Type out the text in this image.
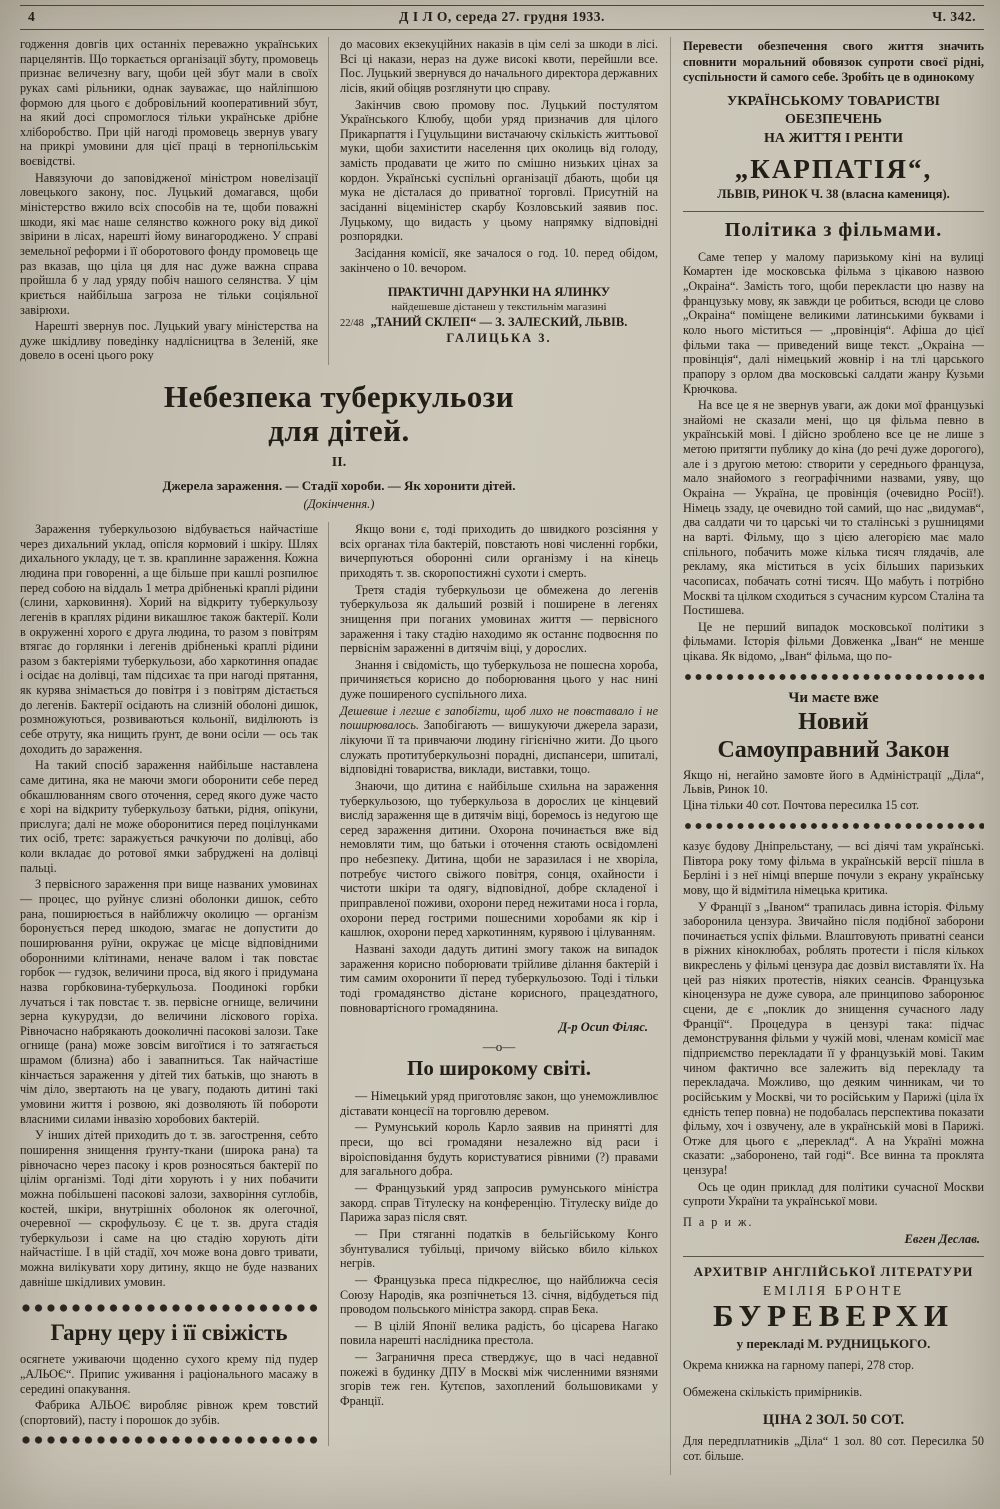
4	Д І Л О, середа 27. грудня 1933.	Ч. 342.

годження довгів цих останніх переважно українських парцелянтів. Що торкається організації збуту, промовець признає величезну вагу, щоби цей збут мали в своїх руках самі рільники, однак зауважає, що найліпшою формою для цього є добровільний кооперативний збут, на який досі спромоглося тільки українське дрібне хліборобство. При цій нагоді промовець звернув увагу на прикрі умовини для цієї праці в тернопільськім воєвідстві.

Навязуючи до заповідженої міністром новелізації ловецького закону, пос. Луцький домагався, щоби міністерство вжило всіх способів на те, щоби поважні шкоди, які має наше селянство кожного року від дикої звірини в лісах, нарешті йому винагороджено. У справі земельної реформи і її оборотового фонду промовець ще раз вказав, що ціла ця для нас дуже важна справа пройшла б у лад уряду побіч нашого селянства. У цім криється найбільша загроза не тільки соціяльної завірюхи.

Нарешті звернув пос. Луцький увагу міністерства на дуже шкідливу поведінку надлісництва в Зеленій, яке довело в осені цього року

до масових екзекуційних наказів в цім селі за шкоди в лісі. Всі ці накази, нераз на дуже високі квоти, перейшли все. Пос. Луцький звернувся до начального директора державних лісів, який обіцяв розглянути цю справу.

Закінчив свою промову пос. Луцький постулятом Українського Клюбу, щоби уряд призначив для цілого Прикарпаття і Гуцульщини вистачаючу скількість життьової муки, щоби захистити населення цих околиць від голоду, замість продавати це жито по смішно низьких цінах за кордон. Українські суспільні організації дбають, щоби ця мука не дісталася до приватної торговлі. Присутній на засіданні віцеміністер скарбу Козловський заявив пос. Луцькому, що видасть у цьому напрямку відповідні розпорядки.

Засідання комісії, яке зачалося о год. 10. перед обідом, закінчено о 10. вечором.

ПРАКТИЧНІ ДАРУНКИ НА ЯЛИНКУ
найдешевше дістанеш у текстильнім магазині
22/48 „ТАНИЙ СКЛЕП“ — З. ЗАЛЕСКИЙ, ЛЬВІВ.
ГАЛИЦЬКА 3.
Небезпека туберкульози
для дітей.
ІІ.
Джерела зараження. — Стадії хороби. — Як хоронити дітей.
(Докінчення.)

Зараження туберкульозою відбувається найчастіше через дихальний уклад, опісля кормовий і шкіру. Шлях дихального укладу, це т. зв. краплинне зараження. Кожна людина при говоренні, а ще більше при кашлі розпилює перед собою на віддаль 1 метра дрібненькі краплі рідини (слини, харковиння). Хорий на відкриту туберкульозу легенів в краплях рідини викашлює також бактерії. Коли в окруженні хорого є друга людина, то разом з повітрям втягає до горлянки і легенів дрібненькі краплі рідини разом з бактеріями туберкульози, або харкотиння опадає і осідає на долівці, там підсихає та при нагоді прятання, як курява знімається до повітря і з повітрям дістається до легенів. Бактерії осідають на слизній оболоні дишок, розмножуються, розвиваються кольонії, виділюють із себе отруту, яка нищить ґрунт, де вони осіли — ось так доходить до зараження.

На такий спосіб зараження найбільше наставлена саме дитина, яка не маючи змоги оборонити себе перед обкашлюванням свого оточення, серед якого дуже часто є хорі на відкриту туберкульозу батьки, рідня, опікуни, прислуга; далі не може оборонитися перед поцілунками тих осіб, третє: заражується рачкуючи по долівці, або коли вкладає до ротової ямки забруджені на долівці пальці.

З первісного зараження при вище названих умовинах — процес, що руйнує слизні оболонки дишок, себто рана, поширюється в найближчу околицю — організм боронується перед шкодою, змагає не допустити до поширювання руїни, окружає це місце відповідними оборонними клітинами, неначе валом і так повстає горбок — гудзок, величини проса, від якого і придумана назва горбковина-туберкульоза. Поодинокі горбки лучаться і так повстає т. зв. первісне огнище, величини зерна кукурудзи, до величини ліскового горіха. Рівночасно набрякають дооколичні пасокові залози. Таке огнище (рана) може зовсім вигоїтися і то затягається шрамом (близна) або і завапниться. Так найчастіше кінчається зараження у дітей тих батьків, що знають в чім діло, звертають на це увагу, подають дитині такі умовини життя і розвою, які дозволяють їй побороти власними силами інвазію хоробових бактерій.

У інших дітей приходить до т. зв. загострення, себто поширення знищення ґрунту-ткани (широка рана) та рівночасно через пасоку і кров розносяться бактерії по цілім організмі. Тоді діти хорують і у них побачити можна побільшені пасокові залози, захворіння суглобів, костей, шкіри, внутрішніх оболонок як олегочної, очеревної — скрофульозу. Є це т. зв. друга стадія туберкульози і саме на цю стадію хорують діти найчастіше. І в цій стадії, хоч може вона довго тривати, можна вилікувати хору дитину, якщо не буде названих давніше шкідливих умовин.

Гарну церу і її свіжість

осягнете уживаючи щоденно сухого крему під пудер „АЛЬОЄ“. Припис уживання і раціонального масажу в середині опакування.

Фабрика АЛЬОЄ виробляє рівнож крем товстий (спортовий), пасту і порошок до зубів.

Якщо вони є, тоді приходить до швидкого розсіяння у всіх органах тіла бактерій, повстають нові численні горбки, вичерпуються оборонні сили організму і на кінець приходять т. зв. скоропостижні сухоти і смерть.

Третя стадія туберкульози це обмежена до легенів туберкульоза як дальший розвій і поширене в легенях знищення при поганих умовинах життя — первісного зараження і таку стадію находимо як останнє подвоєння по первіснім зараженні в дитячім віці, у дорослих.

Знання і свідомість, що туберкульоза не пошесна хороба, причиняється корисно до поборювання цього у нас нині дуже поширеного суспільного лиха.

Дешевше і легше є запобігти, щоб лихо не повставало і не поширювалось. Запобігають — вишукуючи джерела зарази, лікуючи її та привчаючи людину гігієнічно жити. До цього служать протитуберкульозні порадні, диспансери, шпиталі, відповідні товариства, виклади, виставки, тощо.

Знаючи, що дитина є найбільше схильна на зараження туберкульозою, що туберкульоза в дорослих це кінцевий вислід зараження ще в дитячім віці, боремось із недугою ще серед зараження дитини. Охорона починається вже від немовляти тим, що батьки і оточення стають освідомлені про небезпеку. Дитина, щоби не заразилася і не хворіла, потребує чистого свіжого повітря, сонця, охайности і чистоти шкіри та одягу, відповідної, добре складеної і приправленої поживи, охорони перед нежитами носа і горла, охорони перед гострими пошесними хоробами як кір і кашлюк, охорони перед харкотинням, курявою і цілуванням.

Названі заходи дадуть дитині змогу також на випадок зараження корисно поборювати трійливе ділання бактерій і тим самим охоронити її перед туберкульозою. Тоді і тільки тоді громадянство дістане корисного, працездатного, повновартісного громадянина.

Д-р Осип Філяс.
—о—
По широкому світі.

— Німецький уряд приготовляє закон, що унеможливлює діставати концесії на торговлю деревом.

— Румунський король Карло заявив на принятті для преси, що всі громадяни незалежно від раси і віроісповідання будуть користуватися рівними (?) правами для загального добра.

— Французький уряд запросив румунського міністра закорд. справ Тітулеску на конференцію. Тітулеску виїде до Парижа зараз після свят.

— При стяганні податків в бельгійському Конго збунтувалися тубільці, причому військо вбило кількох негрів.

— Французька преса підкреслює, що найближча сесія Союзу Народів, яка розпічнеться 13. січня, відбудеться під проводом польського міністра закорд. справ Бека.

— В цілій Японії велика радість, бо цісарева Нагако повила нарешті наслідника престола.

— Заграничня преса стверджує, що в часі недавної пожежі в будинку ДПУ в Москві між численними вязнями згорів теж ген. Кутєпов, захоплений большовиками у Франції.

Перевести обезпечення свого життя значить сповнити моральний обовязок супроти своєї рідні, суспільности й самого себе. Зробіть це в одинокому

УКРАЇНСЬКОМУ ТОВАРИСТВІ ОБЕЗПЕЧЕНЬ
НА ЖИТТЯ І РЕНТИ
„КАРПАТІЯ“,
ЛЬВІВ, РИНОК Ч. 38 (власна камениця).
Політика з фільмами.

Саме тепер у малому паризькому кіні на вулиці Комартен іде московська фільма з цікавою назвою „Окраіна“. Замість того, щоби перекласти цю назву на французьку мову, як завжди це робиться, всюди це слово „Окраіна“ поміщене великими латинськими буквами і коло нього міститься — „провінція“. Афіша до цієї фільми така — приведений вище текст. „Окраіна — провінція“, далі німецький жовнір і на тлі царського прапору з орлом два московські салдати жанру Кузьми Крючкова.

На все це я не звернув уваги, аж доки мої французькі знайомі не сказали мені, що ця фільма певно в українській мові. І дійсно зроблено все це не лише з метою притягти публику до кіна (до речі дуже дорогого), але і з другою метою: створити у середнього француза, мало знайомого з географічними назвами, уяву, що Окраіна — Україна, це провінція (очевидно Росії!). Німець ззаду, це очевидно той самий, що нас „видумав“, два салдати чи то царські чи то сталінські з рушницями на варті. Фільму, що з цією алегорією має мало спільного, побачить може кілька тисяч глядачів, але рекламу, яка міститься в усіх більших паризьких часописах, побачать сотні тисяч. Що мабуть і потрібно Москві та цілком сходиться з сучасним курсом Сталіна та Постишева.

Це не перший випадок московської політики з фільмами. Історія фільми Довженка „Іван“ не менше цікава. Як відомо, „Іван“ фільма, що по-

Чи маєте вже
Новий
Самоуправний Закон

Якщо ні, негайно замовте його в Адміністрації „Діла“, Львів, Ринок 10.

Ціна тільки 40 сот. Почтова пересилка 15 сот.

казує будову Дніпрельстану, — всі діячі там українські. Півтора року тому фільма в українській версії пішла в Берліні і з неї німці вперше почули з екрану українську мову, що й відмітила німецька критика.

У Франції з „Іваном“ трапилась дивна історія. Фільму заборонила цензура. Звичайно після подібної заборони починається успіх фільми. Влаштовують приватні сеанси в ріжних кіноклюбах, роблять протести і після кількох викреслень у фільмі цензура дає дозвіл виставляти їх. На цей раз ніяких протестів, ніяких сеансів. Французька кіноцензура не дуже сувора, але принципово заборонює сцени, де є „поклик до знищення сучасного ладу Франції“. Процедура в цензурі така: підчас демонстрування фільми у чужій мові, членам комісії має підприємство перекладати її у французькій мові. Таким чином фактично все залежить від перекладу та перекладача. Можливо, що деяким чинникам, чи то російським у Москві, чи то російським у Парижі (ціла їх єдність тепер повна) не подобалась перспектива показати фільму, хоч і озвучену, але в українській мові в Парижі. Отже для цього є „переклад“. А на Україні можна сказати: „заборонено, тай годі“. Все винна та проклята цензура!

Ось це один приклад для політики сучасної Москви супроти України та української мови.

П а р и ж.
Евген Деслав.
АРХИТВІР АНГЛІЙСЬКОЇ ЛІТЕРАТУРИ
ЕМІЛІЯ БРОНТЕ
БУРЕВЕРХИ
у перекладі М. РУДНИЦЬКОГО.

Окрема книжка на гарному папері, 278 стор.

Обмежена скількість примірників.

ЦІНА 2 ЗОЛ. 50 СОТ.

Для передплатників „Діла“ 1 зол. 80 сот. Пересилка 50 сот. більше.
